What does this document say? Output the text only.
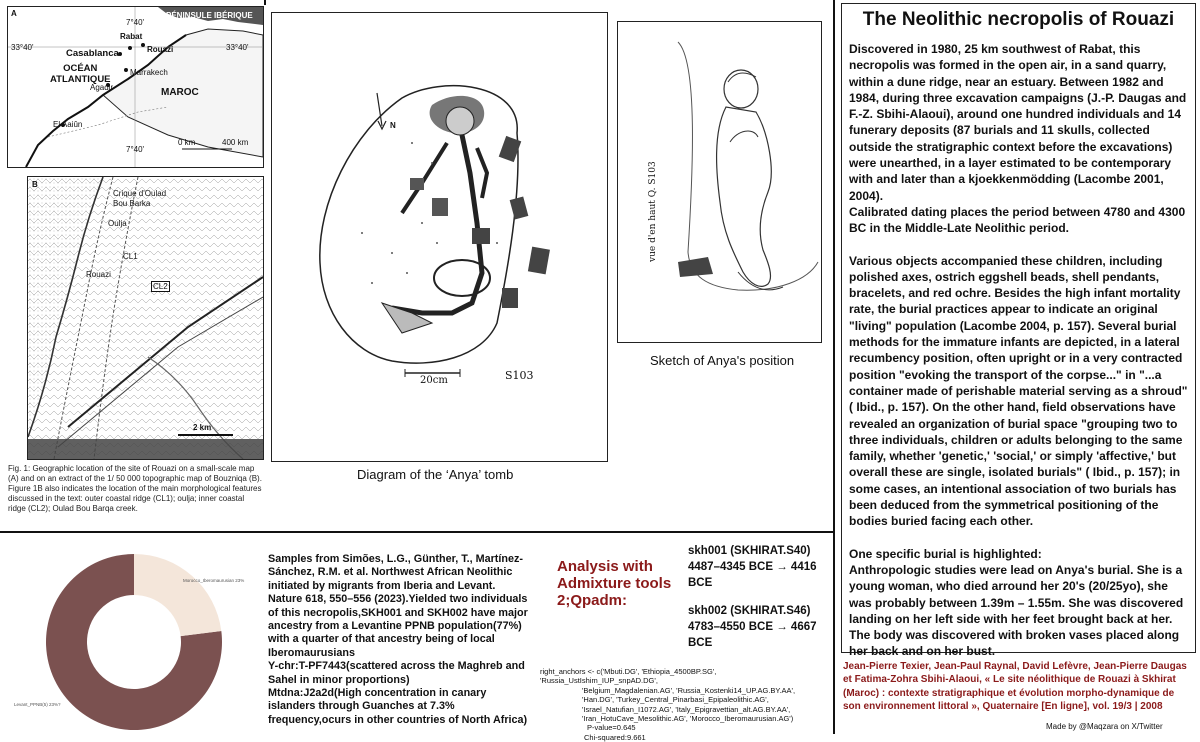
A	PÉNINSULE IBÉRIQUE
7°40'
33°40'	33°40'
Rabat
Casablanca	Rouazi
OCÉAN
ATLANTIQUE
Marrakech
Agadir	MAROC
El Aaiûn
7°40'
0 km	400 km
B
Crique d'Oulad
Bou Barka
Oulja
CL1
CL2
Rouazi
2 km
Fig. 1: Geographic location of the site of Rouazi on a small-scale map (A) and on an extract of the 1/ 50 000 topographic map of Bouzniqa (B). Figure 1B also indicates the location of the main morphological features discussed in the text: outer coastal ridge (CL1); oulja; inner coastal ridge (CL2); Oulad Bou Barqa creek.
N
20cm	S103
Diagram of the ‘Anya’ tomb
vue d'en haut Q. S103
Sketch of Anya's position
The Neolithic necropolis of Rouazi
Discovered in 1980, 25 km southwest of Rabat, this necropolis was formed in the open air, in a sand quarry, within a dune ridge, near an estuary. Between 1982 and 1984, during three excavation campaigns (J.-P. Daugas and F.-Z. Sbihi-Alaoui), around one hundred individuals and 14 funerary deposits (87 burials and 11 skulls, collected outside the stratigraphic context before the excavations) were unearthed, in a layer estimated to be contemporary with and later than a kjoekkenmödding (Lacombe 2001, 2004).
Calibrated dating places the period between 4780 and 4300 BC in the Middle-Late Neolithic period.
Various objects accompanied these children, including polished axes, ostrich eggshell beads, shell pendants, bracelets, and red ochre. Besides the high infant mortality rate, the burial practices appear to indicate an original "living" population (Lacombe 2004, p. 157). Several burial methods for the immature infants are depicted, in a lateral recumbency position, often upright or in a very contracted position "evoking the transport of the corpse..." in "...a container made of perishable material serving as a shroud" ( Ibid., p. 157). On the other hand, field observations have revealed an organization of burial space "grouping two to three individuals, children or adults belonging to the same family, whether 'genetic,' 'social,' or simply 'affective,' but overall these are single, isolated burials" ( Ibid., p. 157); in some cases, an intentional association of two burials has been deduced from the symmetrical positioning of the bodies buried facing each other.
One specific burial is highlighted:
Anthropologic studies were lead on Anya's burial. She is a young woman, who died arround her 20's (20/25yo), she was probably between 1.39m – 1.55m. She was discovered landing on her left side with her feet brought back at her. The body was discovered with broken vases placed along her back and on her bust.
Jean-Pierre Texier, Jean-Paul Raynal, David Lefèvre, Jean-Pierre Daugas et Fatima-Zohra Sbihi-Alaoui, « Le site néolithique de Rouazi à Skhirat (Maroc) : contexte stratigraphique et évolution morpho-dynamique de son environnement littoral », Quaternaire [En ligne], vol. 19/3 | 2008
Made by @Maqzara on X/Twitter
Morocco_Iberomaurusian 23%
Levant_PPNB(5) 23%?
Samples from Simões, L.G., Günther, T., Martínez-Sánchez, R.M. et al. Northwest African Neolithic initiated by migrants from Iberia and Levant. Nature 618, 550–556 (2023).Yielded two individuals of this necropolis,SKH001 and SKH002 have major ancestry from a Levantine PPNB population(77%) with a quarter of that ancestry being of local Iberomaurusians
Y-chr:T-PF7443(scattered across the Maghreb and Sahel in minor proportions)
Mtdna:J2a2d(High concentration in canary islanders through Guanches at 7.3% frequency,ocurs in other countries of North Africa)
Analysis with Admixture tools 2;Qpadm:
skh001 (SKHIRAT.S40)
4487–4345 BCE → 4416 BCE
skh002 (SKHIRAT.S46)
4783–4550 BCE → 4667 BCE
right_anchors <- c('Mbuti.DG', 'Ethiopia_4500BP.SG', 'Russia_UstIshim_IUP_snpAD.DG',
'Belgium_Magdalenian.AG', 'Russia_Kostenki14_UP.AG.BY.AA',
'Han.DG', 'Turkey_Central_Pinarbasi_Epipaleolithic.AG',
'Israel_Natufian_I1072.AG', 'Italy_Epigravettian_alt.AG.BY.AA',
'Iran_HotuCave_Mesolithic.AG', 'Morocco_Iberomaurusian.AG')
P-value=0.645
Chi-squared:9.661
